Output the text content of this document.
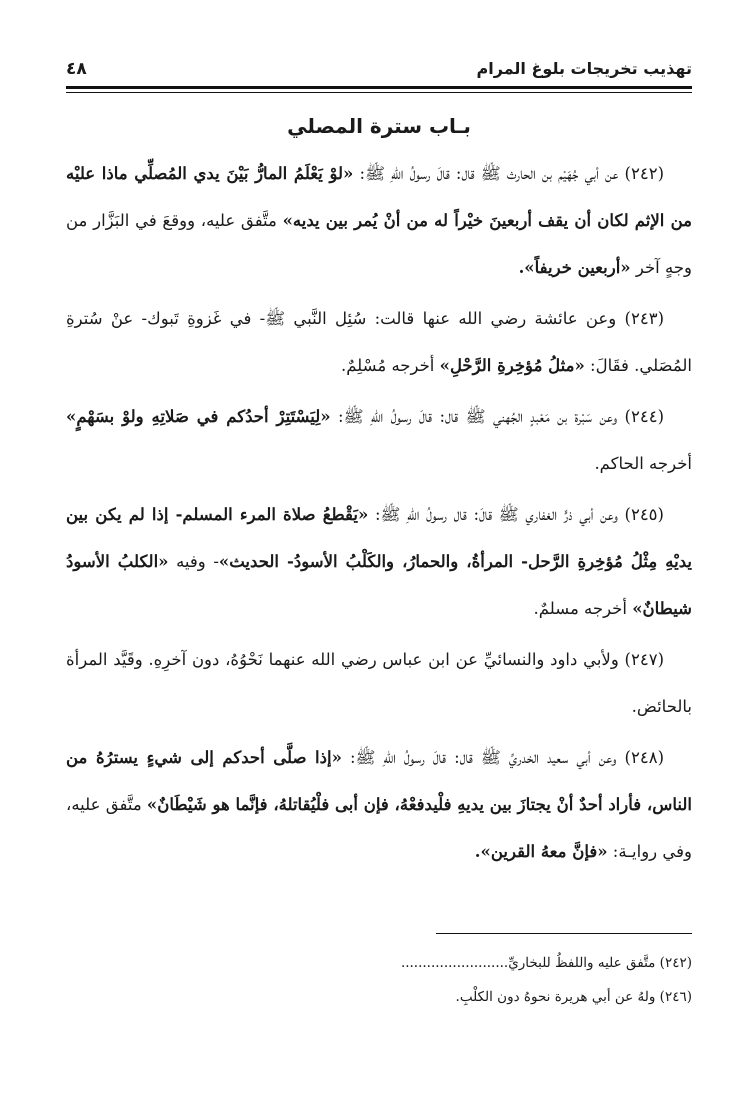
تهذيب تخريجات بلوغ المرام
٤٨
بـاب سترة المصلي

(٢٤٢) عن أبي جُهَيْم بن الحارث ﷺ قال: قالَ رسولُ اللهِ ﷺ: «لوْ يَعْلَمُ المارُّ بَيْنَ يدي المُصلِّي ماذا عليْه من الإثم لكان أن يقف أربعينَ خيْراً له من أنْ يُمر بين يديه» متَّفق عليه، ووقعَ في البَزَّار من وجهٍ آخر «أربعين خريفاً».

(٢٤٣) وعن عائشة رضي الله عنها قالت: سُئِل النَّبي ﷺ- في غَزوةِ تَبوك- عنْ سُترةِ المُصَلي. فقَالَ: «مثلُ مُؤخِرةِ الرَّحْلِ» أخرجه مُسْلِمٌ.

(٢٤٤) وعن سَبْرة بن مَعْبدٍ الجُهني ﷺ قال: قالَ رسولُ اللهِ ﷺ: «لِيَسْتَتِرْ أحدُكم في صَلاتِهِ ولوْ بسَهْمٍ» أخرجه الحاكم.

(٢٤٥) وعن أبي ذرٍّ الغفاري ﷺ قالَ: قال رسولُ اللهِ ﷺ: «يَقْطعُ صلاة المرء المسلم- إذا لم يكن بين يديْهِ مِثْلُ مُؤخِرةِ الرَّحل- المرأةُ، والحمارُ، والكَلْبُ الأسودُ- الحديث»- وفيه «الكلبُ الأسودُ شيطانٌ» أخرجه مسلمٌ.

(٢٤٧) ولأبي داود والنسائيِّ عن ابن عباس رضي الله عنهما نَحْوُهُ، دون آخرِهِ. وقَيَّد المرأة بالحائض.

(٢٤٨) وعن أبي سعيد الخدريِّ ﷺ قال: قالَ رسولُ اللهِ ﷺ: «إذا صلَّى أحدكم إلى شيءٍ يسترُهُ من الناس، فأراد أحدٌ أنْ يجتازَ بين يديهِ فلْيدفعْهُ، فإن أبى فلْيُقاتلهُ، فإنَّما هو شَيْطَانٌ» متَّفق عليه، وفي روايـة: «فإنَّ معهُ القرين».

(٢٤٢) متَّفق عليه واللفظُ للبخاريِّ.........................

(٢٤٦) ولهُ عن أبي هريرة نحوهُ دون الكلْبِ.
